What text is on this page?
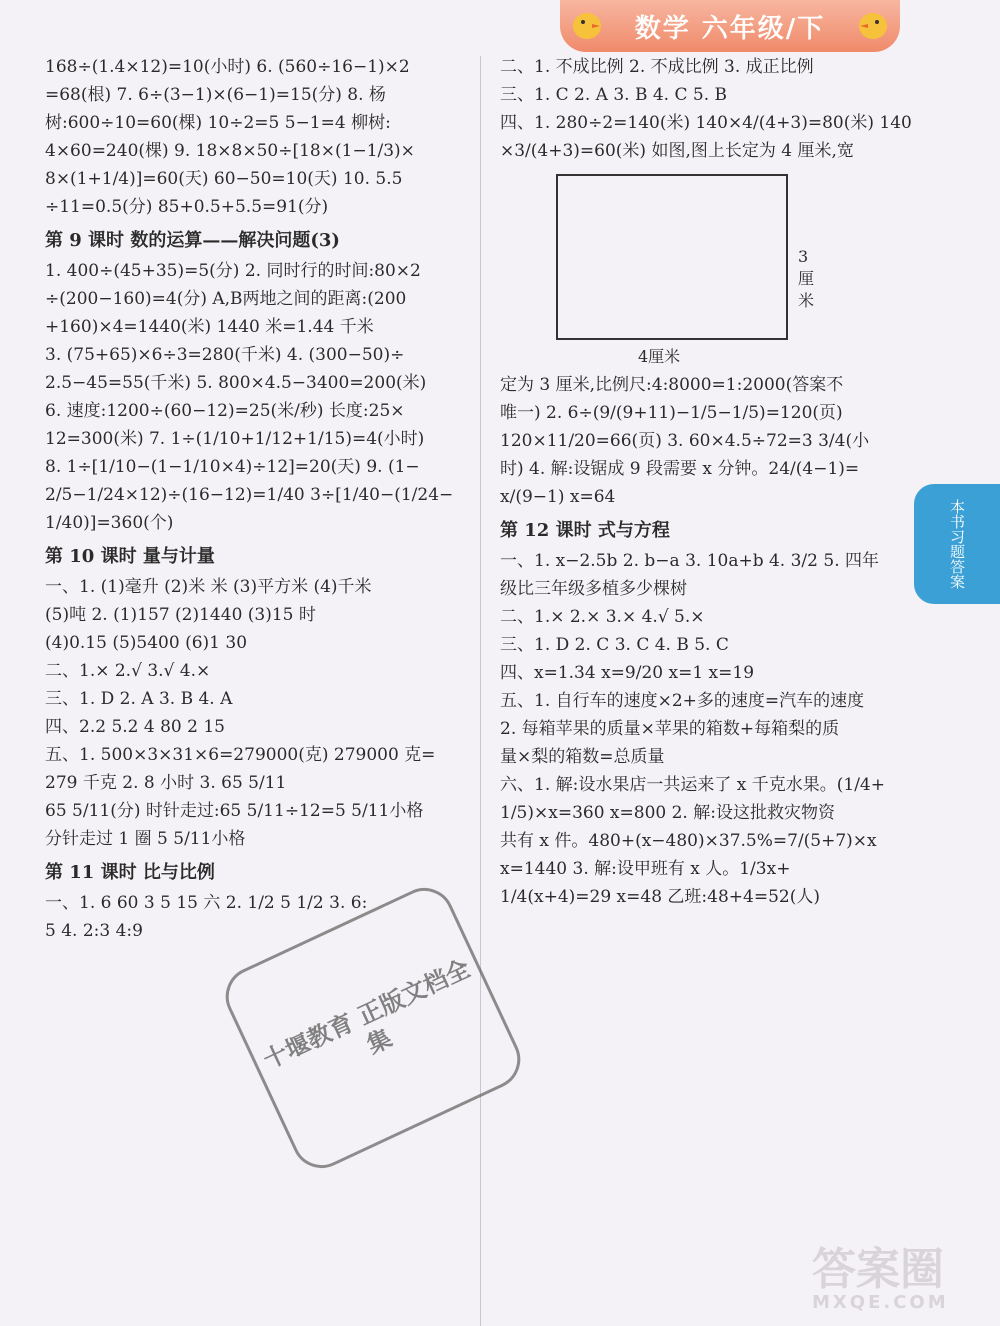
数学 六年级/下
168÷(1.4×12)=10(小时) 6. (560÷16−1)×2
=68(根) 7. 6÷(3−1)×(6−1)=15(分) 8. 杨
树:600÷10=60(棵) 10÷2=5 5−1=4 柳树:
4×60=240(棵) 9. 18×8×50÷[18×(1−1/3)×
8×(1+1/4)]=60(天) 60−50=10(天) 10. 5.5
÷11=0.5(分) 85+0.5+5.5=91(分)
第 9 课时 数的运算——解决问题(3)
1. 400÷(45+35)=5(分) 2. 同时行的时间:80×2
÷(200−160)=4(分) A,B两地之间的距离:(200
+160)×4=1440(米) 1440 米=1.44 千米
3. (75+65)×6÷3=280(千米) 4. (300−50)÷
2.5−45=55(千米) 5. 800×4.5−3400=200(米)
6. 速度:1200÷(60−12)=25(米/秒) 长度:25×
12=300(米) 7. 1÷(1/10+1/12+1/15)=4(小时)
8. 1÷[1/10−(1−1/10×4)÷12]=20(天) 9. (1−
2/5−1/24×12)÷(16−12)=1/40 3÷[1/40−(1/24−
1/40)]=360(个)
第 10 课时 量与计量
一、1. (1)毫升 (2)米 米 (3)平方米 (4)千米
(5)吨 2. (1)157 (2)1440 (3)15 时
(4)0.15 (5)5400 (6)1 30
二、1.× 2.√ 3.√ 4.×
三、1. D 2. A 3. B 4. A
四、2.2 5.2 4 80 2 15
五、1. 500×3×31×6=279000(克) 279000 克=
279 千克 2. 8 小时 3. 65 5/11
65 5/11(分) 时针走过:65 5/11÷12=5 5/11小格
分针走过 1 圈 5 5/11小格
第 11 课时 比与比例
一、1. 6 60 3 5 15 六 2. 1/2 5 1/2 3. 6:
5 4. 2:3 4:9
二、1. 不成比例 2. 不成比例 3. 成正比例
三、1. C 2. A 3. B 4. C 5. B
四、1. 280÷2=140(米) 140×4/(4+3)=80(米) 140
×3/(4+3)=60(米) 如图,图上长定为 4 厘米,宽
3厘米
4厘米
定为 3 厘米,比例尺:4:8000=1:2000(答案不
唯一) 2. 6÷(9/(9+11)−1/5−1/5)=120(页)
120×11/20=66(页) 3. 60×4.5÷72=3 3/4(小
时) 4. 解:设锯成 9 段需要 x 分钟。24/(4−1)=
x/(9−1) x=64
第 12 课时 式与方程
一、1. x−2.5b 2. b−a 3. 10a+b 4. 3/2 5. 四年
级比三年级多植多少棵树
二、1.× 2.× 3.× 4.√ 5.×
三、1. D 2. C 3. C 4. B 5. C
四、x=1.34 x=9/20 x=1 x=19
五、1. 自行车的速度×2+多的速度=汽车的速度
2. 每箱苹果的质量×苹果的箱数+每箱梨的质
量×梨的箱数=总质量
六、1. 解:设水果店一共运来了 x 千克水果。(1/4+
1/5)×x=360 x=800 2. 解:设这批救灾物资
共有 x 件。480+(x−480)×37.5%=7/(5+7)×x
x=1440 3. 解:设甲班有 x 人。1/3x+
1/4(x+4)=29 x=48 乙班:48+4=52(人)
本书习题答案
十堰教育 正版文档全集
答案圈
MXQE.COM
